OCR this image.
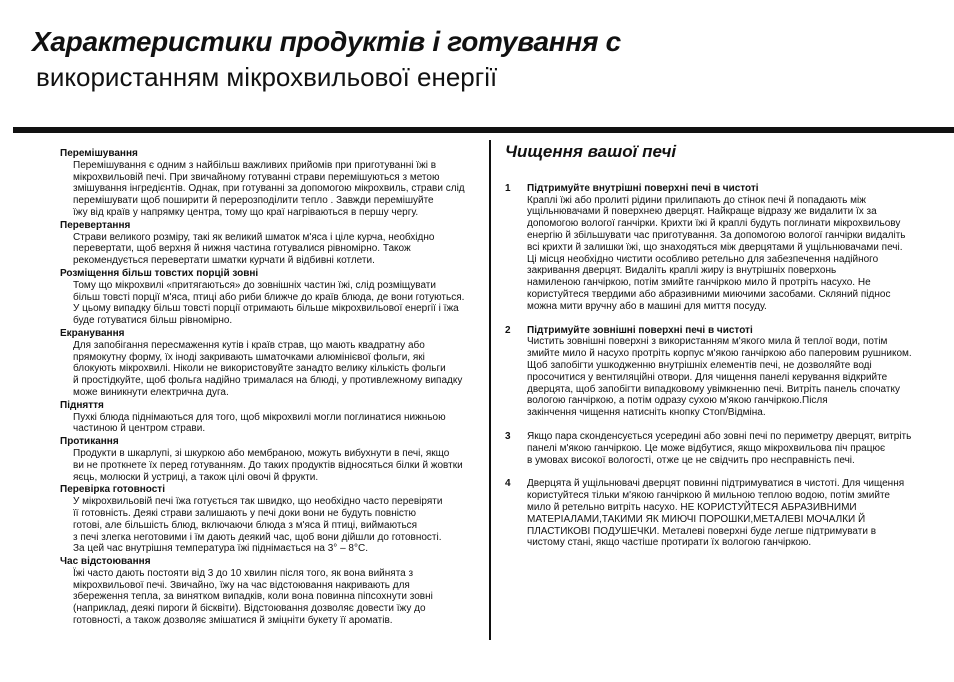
Характеристики продуктів і готування с
використанням мікрохвильової енергії
Перемішування
Перемішування є одним з найбільш важливих прийомів при приготуванні їжі в
мікрохвильовій печі. При звичайному готуванні страви перемішуються з метою
змішування інгредієнтів. Однак, при готуванні за допомогою мікрохвиль, страви слід
перемішувати щоб поширити й перерозподілити тепло . Завжди перемішуйте
їжу від країв у напрямку центра, тому що краї нагріваються в першу чергу.
Перевертання
Страви великого розміру, такі як великий шматок м'яса і ціле курча, необхідно
перевертати, щоб верхня й нижня частина готувалися рівномірно. Також
рекомендується перевертати шматки курчати й відбивні котлети.
Розміщення більш товстих порцій зовні
Тому що мікрохвилі «притягаються» до зовнішніх частин їжі, слід розміщувати
більш товсті порції м'яса, птиці або риби ближче до країв блюда, де вони готуються.
У цьому випадку більш товсті порції отримають більше мікрохвильової енергії і їжа
буде готуватися більш рівномірно.
Екранування
Для запобігання пересмаження кутів і країв страв, що мають квадратну або
прямокутну форму, їх іноді закривають шматочками алюмінієвої фольги, які
блокують мікрохвилі. Ніколи не використовуйте занадто велику кількість фольги
й простідкуйте, щоб фольга надійно трималася на блюді, у противлежному випадку
може виникнути електрична дуга.
Підняття
Пухкі блюда піднімаються для того, щоб мікрохвилі могли поглинатися нижньою
частиною й центром страви.
Протикання
Продукти в шкарлупі, зі шкуркою або мембраною, можуть вибухнути в печі, якщо
ви не проткнете їх перед готуванням. До таких продуктів відносяться білки й жовтки
яєць, молюски й устриці, а також цілі овочі й фрукти.
Перевірка готовності
У мікрохвильовій печі їжа готується так швидко, що необхідно часто перевіряти
її готовність. Деякі страви залишають у печі доки вони не будуть повністю
готові, але більшість блюд, включаючи блюда з м'яса й птиці, виймаються
з печі злегка неготовими і їм дають деякий час, щоб вони дійшли до готовності.
За цей час внутрішня температура їжі піднімається на 3° – 8°C.
Час відстоювання
Їжі часто дають постояти від 3 до 10 хвилин після того, як вона вийнята з
мікрохвильової печі. Звичайно, їжу на час відстоювання накривають для
збереження тепла, за винятком випадків, коли вона повинна піпсохнути зовні
(наприклад, деякі пироги й бісквіти). Відстоювання дозволяє довести їжу до
готовності, а також дозволяє змішатися й зміцніти букету її ароматів.
Чищення вашої печі
1 Підтримуйте внутрішні поверхні печі в чистоті
Краплі їжі або пролиті рідини прилипають до стінок печі й попадають між
ущільнювачами й поверхнею дверцят. Найкраще відразу же видалити їх за
допомогою вологої ганчірки. Крихти їжі й краплі будуть поглинати мікрохвильову
енергію й збільшувати час приготування. За допомогою вологої ганчірки видаліть
всі крихти й залишки їжі, що знаходяться між дверцятами й ущільнювачами печі.
Ці місця необхідно чистити особливо ретельно для забезпечення надійного
закривання дверцят. Видаліть краплі жиру із внутрішніх поверхонь
намиленою ганчіркою, потім змийте ганчіркою мило й протріть насухо. Не
користуйтеся твердими або абразивними миючими засобами. Скляний піднос
можна мити вручну або в машині для миття посуду.
2 Підтримуйте зовнішні поверхні печі в чистоті
Чистить зовнішні поверхні з використанням м'якого мила й теплої води, потім
змийте мило й насухо протріть корпус м'якою ганчіркою або паперовим рушником.
Щоб запобігти ушкодженню внутрішніх елементів печі, не дозволяйте воді
просочитися у вентиляційні отвори. Для чищення панелі керування відкрийте
дверцята, щоб запобігти випадковому увімкненню печі. Витріть панель спочатку
вологою ганчіркою, а потім одразу сухою м'якою ганчіркою.Після
закінчення чищення натисніть кнопку Стоп/Відміна.
3 Якщо пара сконденсується усередині або зовні печі по периметру дверцят, витріть
панелі м'якою ганчіркою. Це може відбутися, якщо мікрохвильова піч працює
в умовах високої вологості, отже це не свідчить про несправність печі.
4 Дверцята й ущільнювачі дверцят повинні підтримуватися в чистоті. Для чищення
користуйтеся тільки м'якою ганчіркою й мильною теплою водою, потім змийте
мило й ретельно витріть насухо. НЕ КОРИСТУЙТЕСЯ АБРАЗИВНИМИ
МАТЕРІАЛАМИ,ТАКИМИ ЯК МИЮЧІ ПОРОШКИ,МЕТАЛЕВІ МОЧАЛКИ Й
ПЛАСТИКОВІ ПОДУШЕЧКИ. Металеві поверхні буде легше підтримувати в
чистому стані, якщо частіше протирати їх вологою ганчіркою.
